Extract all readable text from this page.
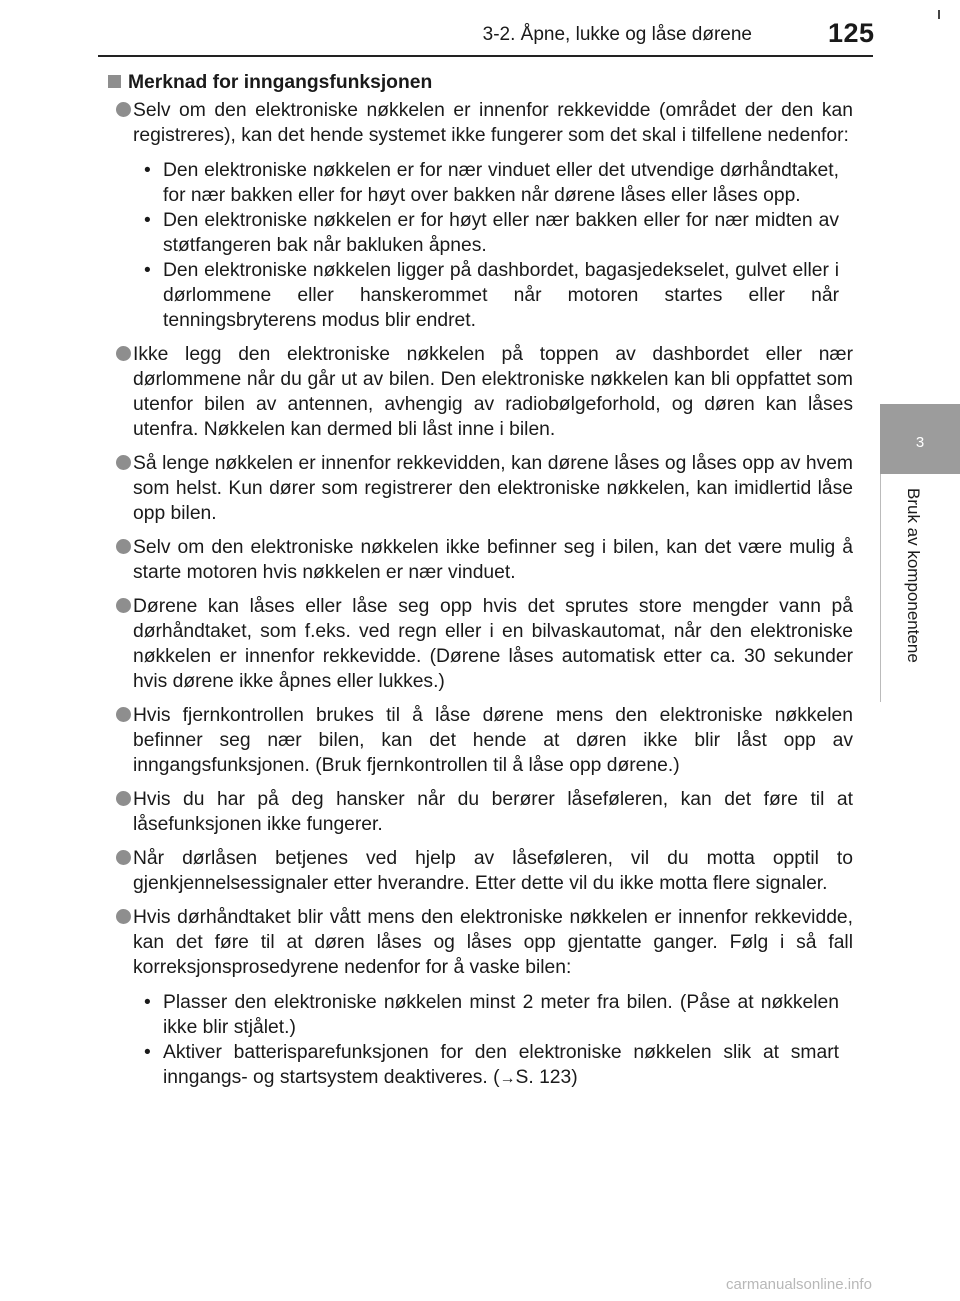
3-2. Åpne, lukke og låse dørene	125
3
Bruk av komponentene
Merknad for inngangsfunksjonen
Selv om den elektroniske nøkkelen er innenfor rekkevidde (området der den kan registreres), kan det hende systemet ikke fungerer som det skal i tilfellene nedenfor:
• Den elektroniske nøkkelen er for nær vinduet eller det utvendige dørhåndtaket, for nær bakken eller for høyt over bakken når dørene låses eller låses opp.
• Den elektroniske nøkkelen er for høyt eller nær bakken eller for nær midten av støtfangeren bak når bakluken åpnes.
• Den elektroniske nøkkelen ligger på dashbordet, bagasjedekselet, gulvet eller i dørlommene eller hanskerommet når motoren startes eller når tenningsbryterens modus blir endret.
Ikke legg den elektroniske nøkkelen på toppen av dashbordet eller nær dørlommene når du går ut av bilen. Den elektroniske nøkkelen kan bli oppfattet som utenfor bilen av antennen, avhengig av radiobølgeforhold, og døren kan låses utenfra. Nøkkelen kan dermed bli låst inne i bilen.
Så lenge nøkkelen er innenfor rekkevidden, kan dørene låses og låses opp av hvem som helst. Kun dører som registrerer den elektroniske nøkkelen, kan imidlertid låse opp bilen.
Selv om den elektroniske nøkkelen ikke befinner seg i bilen, kan det være mulig å starte motoren hvis nøkkelen er nær vinduet.
Dørene kan låses eller låse seg opp hvis det sprutes store mengder vann på dørhåndtaket, som f.eks. ved regn eller i en bilvaskautomat, når den elektroniske nøkkelen er innenfor rekkevidde. (Dørene låses automatisk etter ca. 30 sekunder hvis dørene ikke åpnes eller lukkes.)
Hvis fjernkontrollen brukes til å låse dørene mens den elektroniske nøkkelen befinner seg nær bilen, kan det hende at døren ikke blir låst opp av inngangsfunksjonen. (Bruk fjernkontrollen til å låse opp dørene.)
Hvis du har på deg hansker når du berører låseføleren, kan det føre til at låsefunksjonen ikke fungerer.
Når dørlåsen betjenes ved hjelp av låseføleren, vil du motta opptil to gjenkjennelsessignaler etter hverandre. Etter dette vil du ikke motta flere signaler.
Hvis dørhåndtaket blir vått mens den elektroniske nøkkelen er innenfor rekkevidde, kan det føre til at døren låses og låses opp gjentatte ganger. Følg i så fall korreksjonsprosedyrene nedenfor for å vaske bilen:
• Plasser den elektroniske nøkkelen minst 2 meter fra bilen. (Påse at nøkkelen ikke blir stjålet.)
• Aktiver batterisparefunksjonen for den elektroniske nøkkelen slik at smart inngangs- og startsystem deaktiveres. (→S. 123)
carmanualsonline.info
